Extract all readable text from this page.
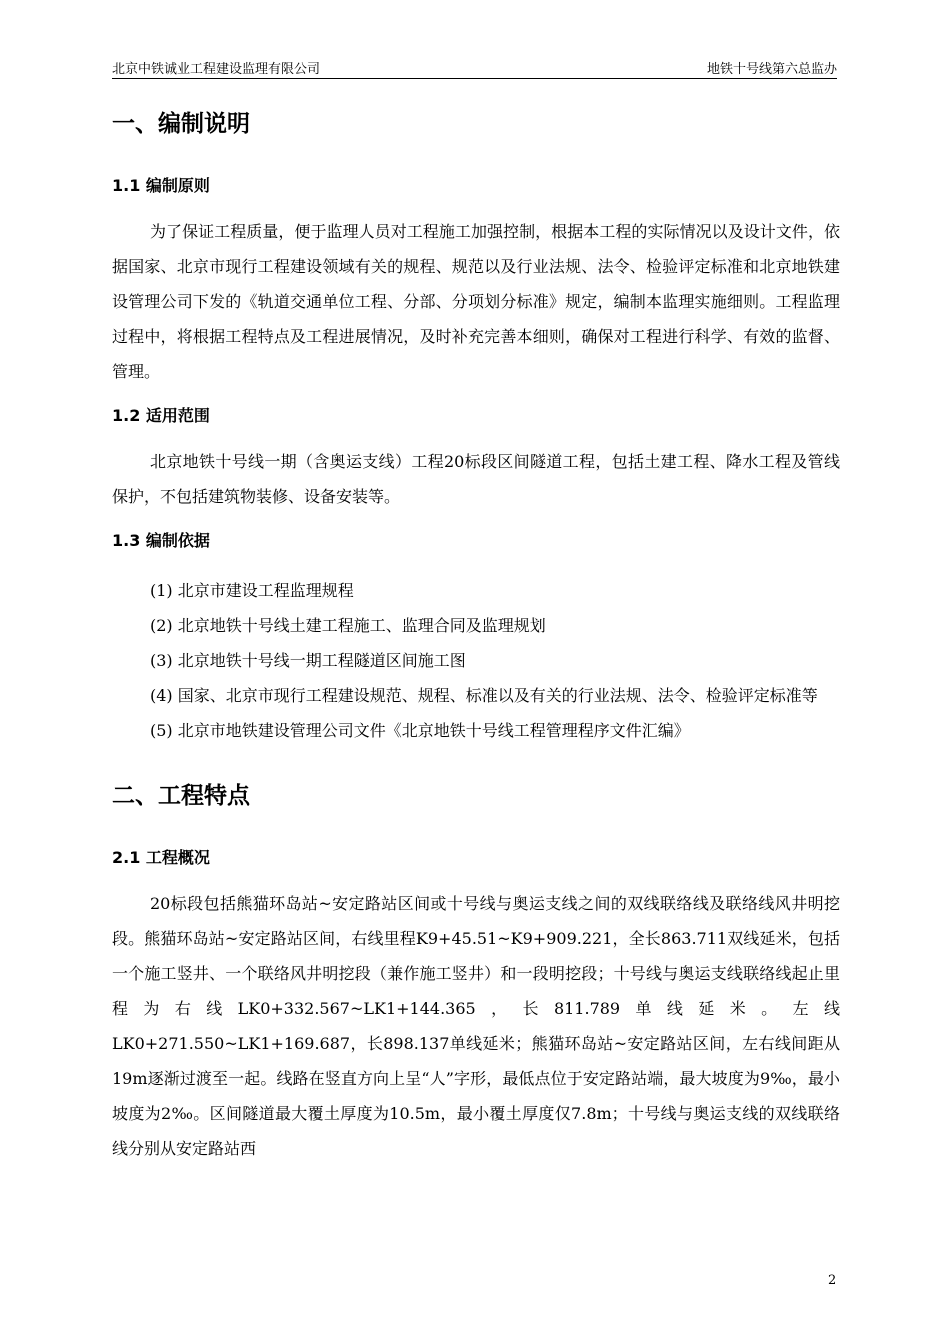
北京中铁诚业工程建设监理有限公司	地铁十号线第六总监办
一、编制说明
1.1 编制原则

为了保证工程质量，便于监理人员对工程施工加强控制，根据本工程的实际情况以及设计文件，依据国家、北京市现行工程建设领域有关的规程、规范以及行业法规、法令、检验评定标准和北京地铁建设管理公司下发的《轨道交通单位工程、分部、分项划分标准》规定，编制本监理实施细则。工程监理过程中，将根据工程特点及工程进展情况，及时补充完善本细则，确保对工程进行科学、有效的监督、管理。

1.2 适用范围

北京地铁十号线一期（含奥运支线）工程20标段区间隧道工程，包括土建工程、降水工程及管线保护，不包括建筑物装修、设备安装等。

1.3 编制依据
(1) 北京市建设工程监理规程
(2) 北京地铁十号线土建工程施工、监理合同及监理规划
(3) 北京地铁十号线一期工程隧道区间施工图
(4) 国家、北京市现行工程建设规范、规程、标准以及有关的行业法规、法令、检验评定标准等
(5) 北京市地铁建设管理公司文件《北京地铁十号线工程管理程序文件汇编》
二、工程特点
2.1 工程概况

20标段包括熊猫环岛站~安定路站区间或十号线与奥运支线之间的双线联络线及联络线风井明挖段。熊猫环岛站~安定路站区间，右线里程K9+45.51~K9+909.221，全长863.711双线延米，包括一个施工竖井、一个联络风井明挖段（兼作施工竖井）和一段明挖段；十号线与奥运支线联络线起止里程为右线LK0+332.567~LK1+144.365，长811.789单线延米。左线LK0+271.550~LK1+169.687，长898.137单线延米；熊猫环岛站~安定路站区间，左右线间距从19m逐渐过渡至一起。线路在竖直方向上呈“人”字形，最低点位于安定路站端，最大坡度为9‰，最小坡度为2‰。区间隧道最大覆土厚度为10.5m，最小覆土厚度仅7.8m；十号线与奥运支线的双线联络线分别从安定路站西

2
